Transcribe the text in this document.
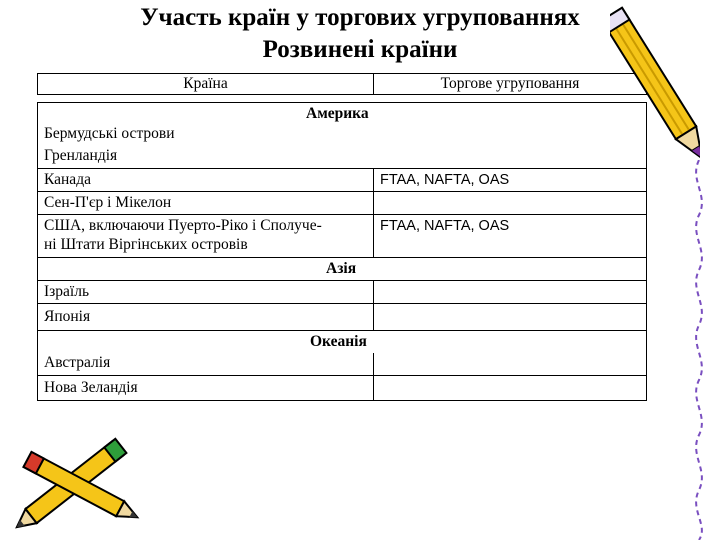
Участь країн у торгових угрупованнях
Розвинені країни
Країна	Торгове угруповання
Америка
Бермудські острови
Гренландія
Канада	FTAA, NAFTA, OAS
Сен-П'єр і Мікелон
США, включаючи Пуерто-Ріко і Сполуче-
ні Штати Віргінських островів
FTAA, NAFTA, OAS
Азія
Ізраїль
Японія
Океанія
Австралія
Нова Зеландія
